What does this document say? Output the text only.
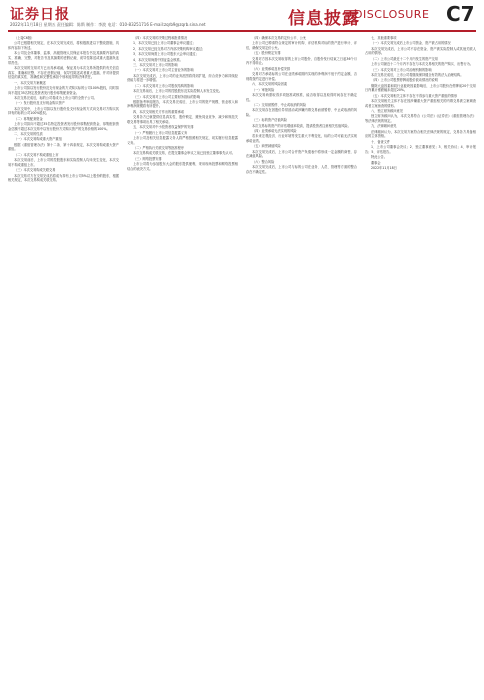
证券日报
2022年11月18日 星期五 责任编辑：陈斯 制作：李波 电话：010-83251716 E-mail:zqrb9@zqrb.sina.net	信息披露
DISCLOSURE C7

（上接C6版）

公司已根据相关规定，在本次交易完成后，将积极推进以下整改措施，具体内容如下所述。

本公司及全体董事、监事、高级管理人员保证本报告书及其摘要内容的真实、准确、完整，对报告书及其摘要的虚假记载、误导性陈述或重大遗漏负连带责任。

本次交易的交易对方已出具承诺函，保证其为本次交易所提供的有关信息真实、准确和完整，不存在虚假记载、误导性陈述或者重大遗漏，并对所提供信息的真实性、准确性和完整性承担个别和连带的法律责任。

一、本次交易方案概述

上市公司拟以发行股份及支付现金的方式购买标的公司100%股权，同时拟向不超过35名特定投资者发行股份募集配套资金。

本次交易完成后，标的公司将成为上市公司的全资子公司。

（一）发行股份及支付现金购买资产

本次交易中，上市公司拟以发行股份及支付现金的方式向交易对方购买其持有的标的公司100%股权。

（二）募集配套资金

上市公司拟向不超过35名特定投资者发行股份募集配套资金，募集配套资金总额不超过本次交易中以发行股份方式购买资产的交易价格的100%。

二、本次交易的性质

（一）本次交易构成重大资产重组

根据《重组管理办法》第十二条、第十四条规定，本次交易构成重大资产重组。

（二）本次交易不构成重组上市

本次交易前后，上市公司的控股股东和实际控制人均未发生变化，本次交易不构成重组上市。

（三）本次交易构成关联交易

本次交易对方在交易完成后将成为持有上市公司5%以上股份的股东，根据相关规定，本次交易构成关联交易。

（四）本次交易的决策过程和批准情况

1、本次交易已经上市公司董事会审议通过；

2、本次交易已经交易对方内部决策机构审议通过；

3、本次交易尚需上市公司股东大会审议通过；

4、本次交易尚需中国证监会核准。

三、本次交易对上市公司的影响

（一）本次交易对上市公司主营业务的影响

本次交易完成后，上市公司的业务范围将得到扩展，综合竞争力和持续经营能力将进一步增强。

（二）本次交易对上市公司股权结构的影响

本次交易前后，上市公司的控股股东及实际控制人未发生变化。

（三）本次交易对上市公司主要财务指标的影响

根据备考审阅报告，本次交易完成后，上市公司的资产规模、营业收入和净利润规模将有所提升。

四、本次交易相关方作出的重要承诺

交易各方已就提供信息真实性、股份锁定、避免同业竞争、减少和规范关联交易等事项出具了相关承诺。

五、本次交易对中小投资者权益保护的安排

（一）严格履行上市公司信息披露义务

上市公司及相关信息披露义务人将严格按照相关规定，切实履行信息披露义务。

（二）严格执行关联交易等批准程序

本次交易构成关联交易，在提交董事会审议之前已经独立董事事先认可。

（三）网络投票安排

上市公司将为参加股东大会的股东提供便利，采用现场投票和网络投票相结合的表决方式。

（四）确保本次交易的定价公平、公允

上市公司已聘请符合规定的审计机构、评估机构对标的资产进行审计、评估，确保交易定价公允。

（五）股份锁定安排

交易对方因本次交易取得的上市公司股份，自股份发行结束之日起36个月内不得转让。

（六）业绩承诺及补偿安排

交易对方承诺标的公司在业绩承诺期内实现的净利润不低于约定金额，否则将按约定进行补偿。

六、本次交易的风险因素

（一）审批风险

本次交易尚需取得多项批准或核准，能否取得以及取得时间存在不确定性。

（二）交易被暂停、中止或取消的风险

本次交易存在因股价异常波动或涉嫌内幕交易而被暂停、中止或取消的风险。

（三）标的资产估值风险

本次交易标的资产的评估增值率较高，提请投资者注意相关估值风险。

（四）业绩承诺无法实现的风险

若未来宏观经济、行业环境等发生重大不利变化，标的公司可能无法实现承诺业绩。

（五）商誉减值风险

本次交易完成后，上市公司合并资产负债表中将形成一定金额的商誉，存在减值风险。

（六）整合风险

本次交易完成后，上市公司与标的公司在业务、人员、管理等方面的整合存在不确定性。

七、其他重要事项

（一）本次交易完成后上市公司资金、资产被占用的情况

本次交易完成后，上市公司不存在资金、资产被实际控制人或其他关联人占用的情形。

（二）上市公司最近十二个月内发生的资产交易

上市公司最近十二个月内不存在与本次交易相关的资产购买、出售行为。

（三）本次交易对上市公司治理机制的影响

本次交易完成后，上市公司将继续保持健全有效的法人治理结构。

（四）上市公司股票停牌前股价波动情况的说明

剔除大盘因素和同行业板块因素影响后，上市公司股价在停牌前20个交易日内累计涨跌幅未超过20%。

（五）本次交易相关主体不存在不得参与重大资产重组的情形

本次交易相关主体不存在因涉嫌重大资产重组相关的内幕交易被立案调查或者立案侦查的情形。

八、独立财务顾问意见

独立财务顾问认为，本次交易符合《公司法》《证券法》《重组管理办法》等法律法规的规定。

九、法律顾问意见

法律顾问认为，本次交易方案符合相关法律法规的规定，交易各方具备相应的主体资格。

十、备查文件

1、上市公司董事会决议；2、独立董事意见；3、相关协议；4、审计报告；5、评估报告。

特此公告。

董事会

2022年11月18日
